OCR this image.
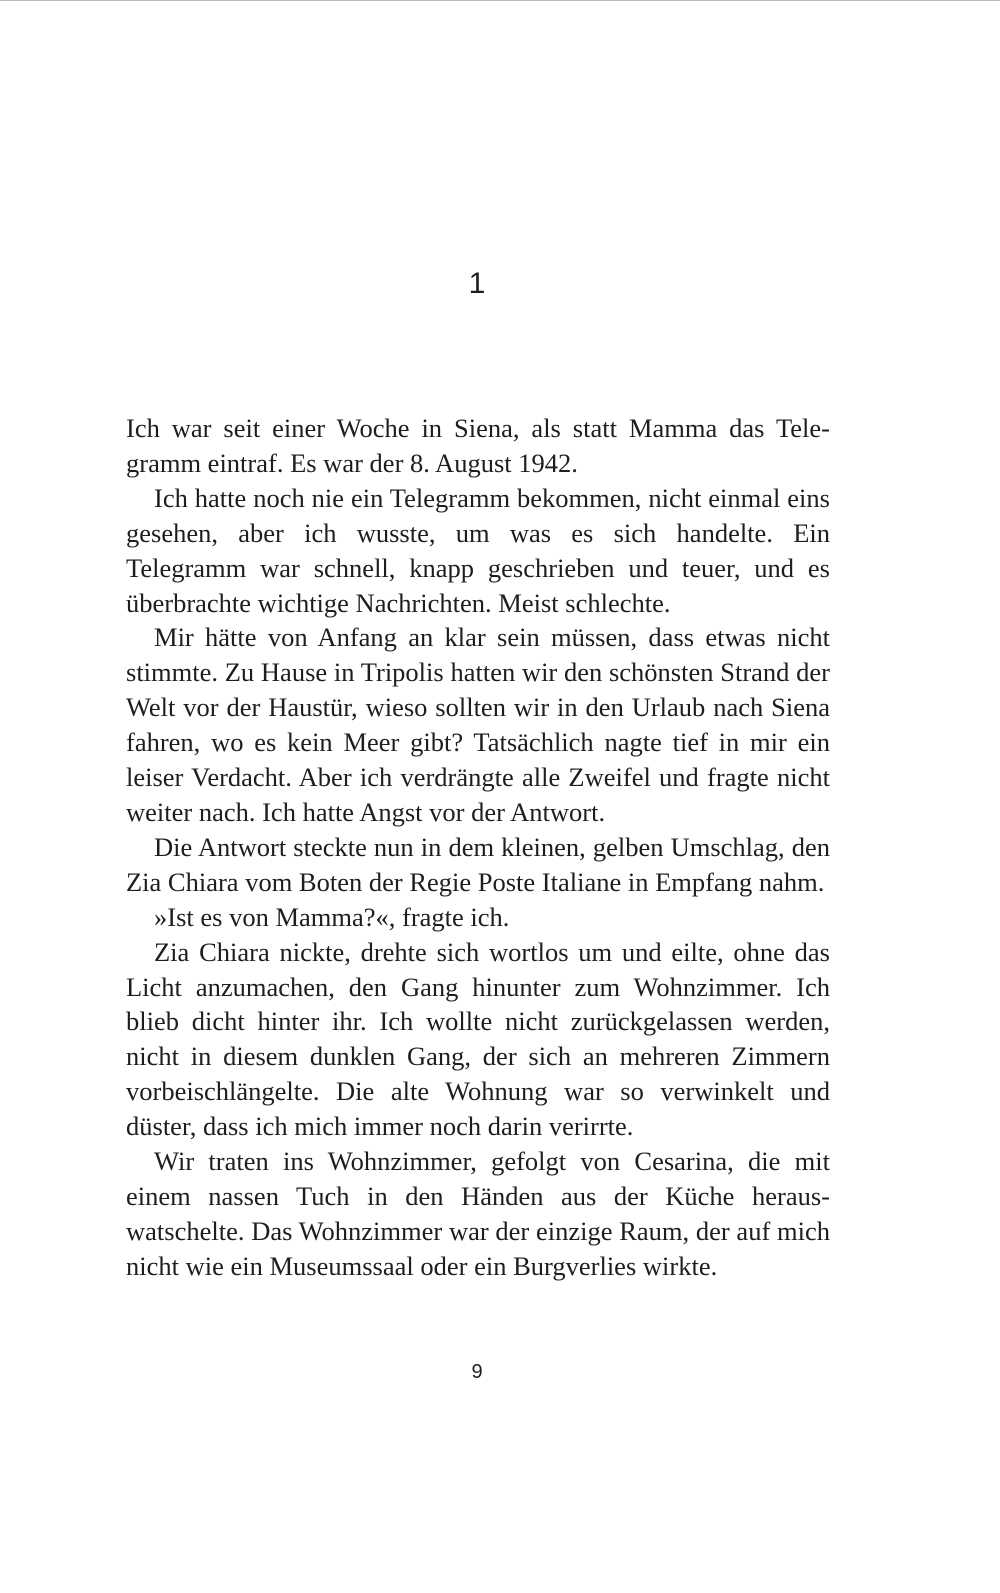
1

Ich war seit einer Woche in Siena, als statt Mamma das Telegramm eintraf. Es war der 8. August 1942.

Ich hatte noch nie ein Telegramm bekommen, nicht einmal eins gesehen, aber ich wusste, um was es sich handelte. Ein Telegramm war schnell, knapp geschrieben und teuer, und es überbrachte wichtige Nachrichten. Meist schlechte.

Mir hätte von Anfang an klar sein müssen, dass etwas nicht stimmte. Zu Hause in Tripolis hatten wir den schönsten Strand der Welt vor der Haustür, wieso sollten wir in den Urlaub nach Siena fahren, wo es kein Meer gibt? Tatsächlich nagte tief in mir ein leiser Verdacht. Aber ich verdrängte alle Zweifel und fragte nicht weiter nach. Ich hatte Angst vor der Antwort.

Die Antwort steckte nun in dem kleinen, gelben Umschlag, den Zia Chiara vom Boten der Regie Poste Italiane in Empfang nahm.

»Ist es von Mamma?«, fragte ich.

Zia Chiara nickte, drehte sich wortlos um und eilte, ohne das Licht anzumachen, den Gang hinunter zum Wohnzimmer. Ich blieb dicht hinter ihr. Ich wollte nicht zurückgelassen werden, nicht in diesem dunklen Gang, der sich an mehreren Zimmern vorbeischlängelte. Die alte Wohnung war so verwinkelt und düster, dass ich mich immer noch darin verirrte.

Wir traten ins Wohnzimmer, gefolgt von Cesarina, die mit einem nassen Tuch in den Händen aus der Küche herauswatschelte. Das Wohnzimmer war der einzige Raum, der auf mich nicht wie ein Museumssaal oder ein Burgverlies wirkte.

9
